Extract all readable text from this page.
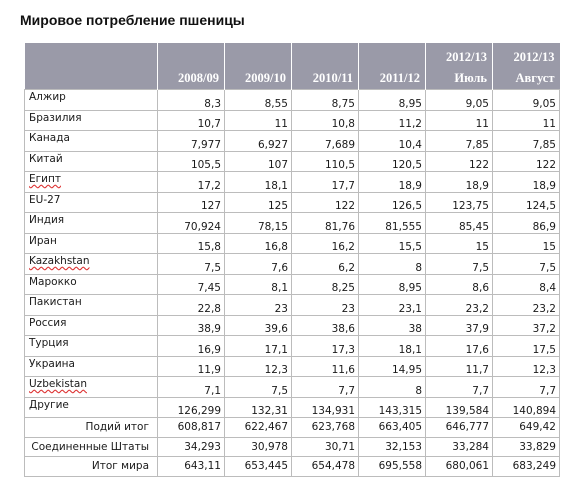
Мировое потребление пшеницы
					2012/13	2012/13
	2008/09	2009/10	2010/11	2011/12	Июль	Август
Алжир	8,3	8,55	8,75	8,95	9,05	9,05
Бразилия	10,7	11	10,8	11,2	11	11
Канада	7,977	6,927	7,689	10,4	7,85	7,85
Китай	105,5	107	110,5	120,5	122	122
Египт	17,2	18,1	17,7	18,9	18,9	18,9
EU-27	127	125	122	126,5	123,75	124,5
Индия	70,924	78,15	81,76	81,555	85,45	86,9
Иран	15,8	16,8	16,2	15,5	15	15
Kazakhstan	7,5	7,6	6,2	8	7,5	7,5
Марокко	7,45	8,1	8,25	8,95	8,6	8,4
Пакистан	22,8	23	23	23,1	23,2	23,2
Россия	38,9	39,6	38,6	38	37,9	37,2
Турция	16,9	17,1	17,3	18,1	17,6	17,5
Украина	11,9	12,3	11,6	14,95	11,7	12,3
Uzbekistan	7,1	7,5	7,7	8	7,7	7,7
Другие	126,299	132,31	134,931	143,315	139,584	140,894
Подий итог	608,817	622,467	623,768	663,405	646,777	649,42
Соединенные Штаты	34,293	30,978	30,71	32,153	33,284	33,829
Итог мира	643,11	653,445	654,478	695,558	680,061	683,249
